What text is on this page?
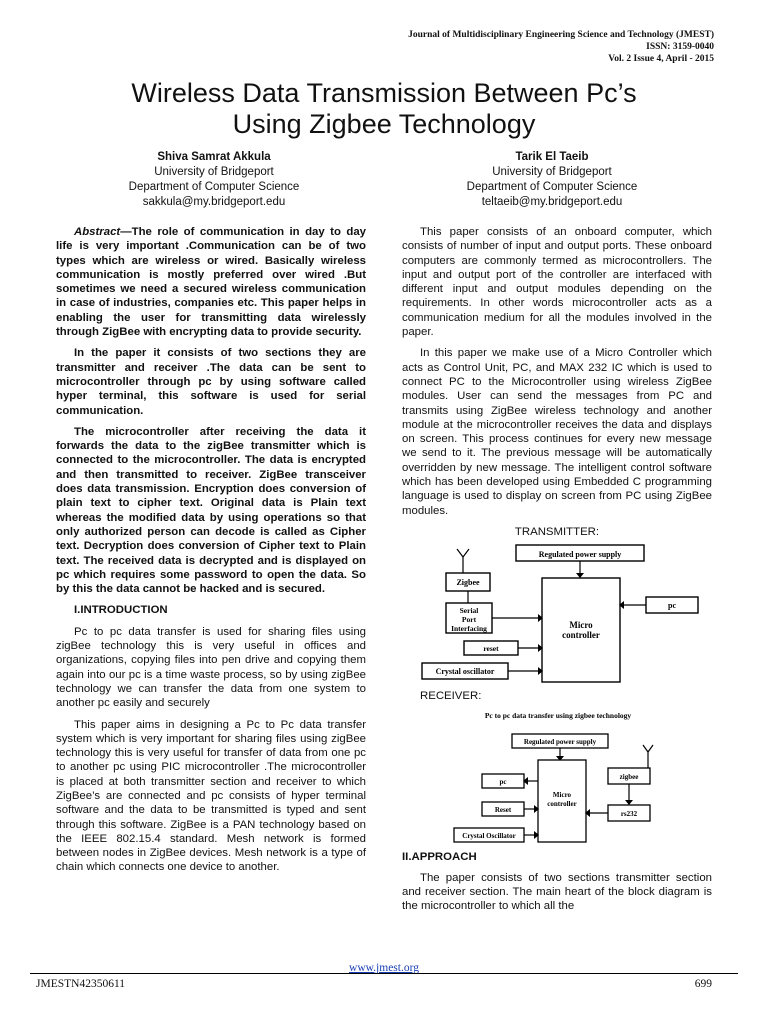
Journal of Multidisciplinary Engineering Science and Technology (JMEST)
ISSN: 3159-0040
Vol. 2 Issue 4, April - 2015
Wireless Data Transmission Between Pc’s
Using Zigbee Technology
Shiva Samrat Akkula
University of Bridgeport
Department of Computer Science
sakkula@my.bridgeport.edu
Tarik El Taeib
University of Bridgeport
Department of Computer Science
teltaeib@my.bridgeport.edu

Abstract—The role of communication in day to day life is very important .Communication can be of two types which are wireless or wired. Basically wireless communication is mostly preferred over wired .But sometimes we need a secured wireless communication in case of industries, companies etc. This paper helps in enabling the user for transmitting data wirelessly through ZigBee with encrypting data to provide security.

In the paper it consists of two sections they are transmitter and receiver .The data can be sent to microcontroller through pc by using software called hyper terminal, this software is used for serial communication.

The microcontroller after receiving the data it forwards the data to the zigBee transmitter which is connected to the microcontroller. The data is encrypted and then transmitted to receiver. ZigBee transceiver does data transmission. Encryption does conversion of plain text to cipher text. Original data is Plain text whereas the modified data by using operations so that only authorized person can decode is called as Cipher text. Decryption does conversion of Cipher text to Plain text. The received data is decrypted and is displayed on pc which requires some password to open the data. So by this the data cannot be hacked and is secured.

I.INTRODUCTION

Pc to pc data transfer is used for sharing files using zigBee technology this is very useful in offices and organizations, copying files into pen drive and copying them again into our pc is a time waste process, so by using zigBee technology we can transfer the data from one system to another pc easily and securely

This paper aims in designing a Pc to Pc data transfer system which is very important for sharing files using zigBee technology this is very useful for transfer of data from one pc to another pc using PIC microcontroller .The microcontroller is placed at both transmitter section and receiver to which ZigBee’s are connected and pc consists of hyper terminal software and the data to be transmitted is typed and sent through this software. ZigBee is a PAN technology based on the IEEE 802.15.4 standard. Mesh network is formed between nodes in ZigBee devices. Mesh network is a type of chain which connects one device to another.

This paper consists of an onboard computer, which consists of number of input and output ports. These onboard computers are commonly termed as microcontrollers. The input and output port of the controller are interfaced with different input and output modules depending on the requirements. In other words microcontroller acts as a communication medium for all the modules involved in the paper.

In this paper we make use of a Micro Controller which acts as Control Unit, PC, and MAX 232 IC which is used to connect PC to the Microcontroller using wireless ZigBee modules. User can send the messages from PC and transmits using ZigBee wireless technology and another module at the microcontroller receives the data and displays on screen. This process continues for every new message we send to it. The previous message will be automatically overridden by new message. The intelligent control software which has been developed using Embedded C programming language is used to display on screen from PC using ZigBee modules.

TRANSMITTER:
Regulated power supply
Zigbee
Serial
Port
Interfacing	Micro
controller
pc
reset
Crystal oscillator
RECEIVER:
Pc to pc data transfer using zigbee technology
Regulated power supply
Micro
controller
pc
zigbee
Reset	rs232
Crystal Oscillator
II.APPROACH

The paper consists of two sections transmitter section and receiver section. The main heart of the block diagram is the microcontroller to which all the

www.jmest.org
JMESTN42350611	699
